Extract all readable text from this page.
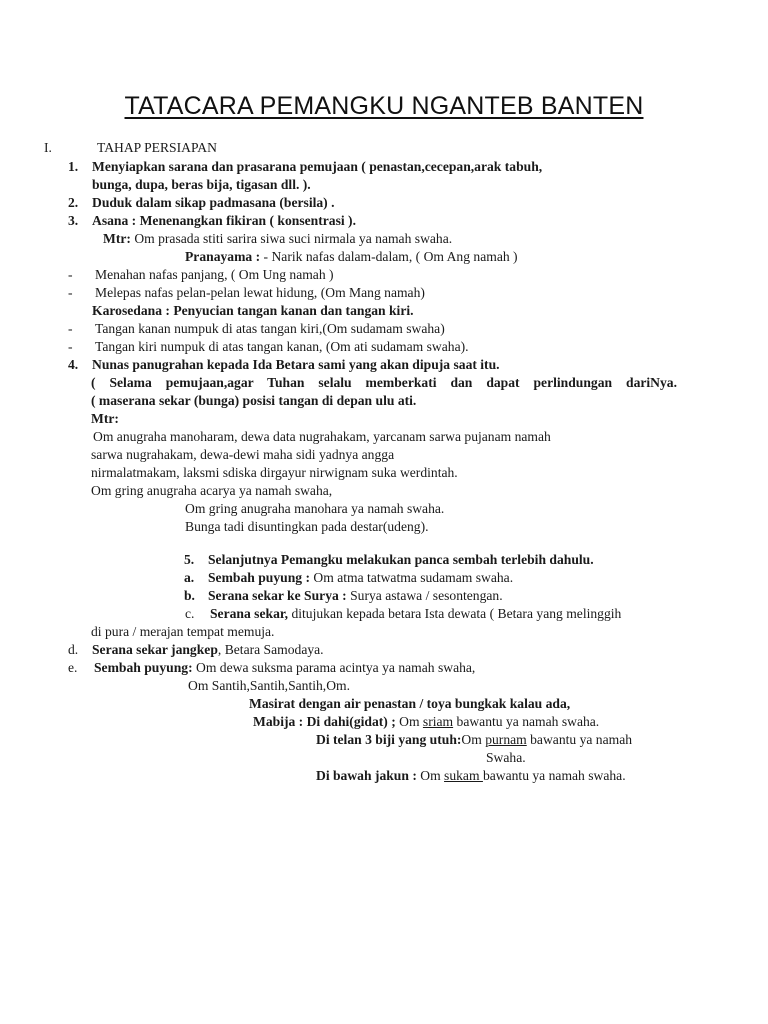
TATACARA PEMANGKU NGANTEB BANTEN
I.	TAHAP PERSIAPAN
1. Menyiapkan sarana dan prasarana pemujaan ( penastan,cecepan,arak tabuh,
bunga, dupa, beras bija, tigasan dll. ).
2. Duduk dalam sikap padmasana (bersila) .
3. Asana : Menenangkan fikiran ( konsentrasi ).
Mtr: Om prasada stiti sarira siwa suci nirmala ya namah swaha.
Pranayama : - Narik nafas dalam-dalam, ( Om Ang namah )
- Menahan nafas panjang, ( Om Ung namah )
- Melepas nafas pelan-pelan lewat hidung, (Om Mang namah)
Karosedana : Penyucian tangan kanan dan tangan kiri.
- Tangan kanan numpuk di atas tangan kiri,(Om sudamam swaha)
- Tangan kiri numpuk di atas tangan kanan, (Om ati sudamam swaha).
4. Nunas panugrahan kepada Ida Betara sami yang akan dipuja saat itu.
( Selama pemujaan,agar Tuhan selalu memberkati dan dapat perlindungan dariNya.
( maserana sekar (bunga) posisi tangan di depan ulu ati.
Mtr:
Om anugraha manoharam, dewa data nugrahakam, yarcanam sarwa pujanam namah
sarwa nugrahakam, dewa-dewi maha sidi yadnya angga
nirmalatmakam, laksmi sdiska dirgayur nirwignam suka werdintah.
Om gring anugraha acarya ya namah swaha,
Om gring anugraha manohara ya namah swaha.
Bunga tadi disuntingkan pada destar(udeng).
5. Selanjutnya Pemangku melakukan panca sembah terlebih dahulu.
a. Sembah puyung : Om atma tatwatma sudamam swaha.
b. Serana sekar ke Surya : Surya astawa / sesontengan.
c. Serana sekar, ditujukan kepada betara Ista dewata ( Betara yang melinggih
di pura / merajan tempat memuja.
d. Serana sekar jangkep, Betara Samodaya.
e. Sembah puyung: Om dewa suksma parama acintya ya namah swaha,
Om Santih,Santih,Santih,Om.
Masirat dengan air penastan / toya bungkak kalau ada,
Mabija : Di dahi(gidat) ; Om sriam bawantu ya namah swaha.
Di telan 3 biji yang utuh:Om purnam bawantu ya namah
Swaha.
Di bawah jakun : Om sukam bawantu ya namah swaha.
